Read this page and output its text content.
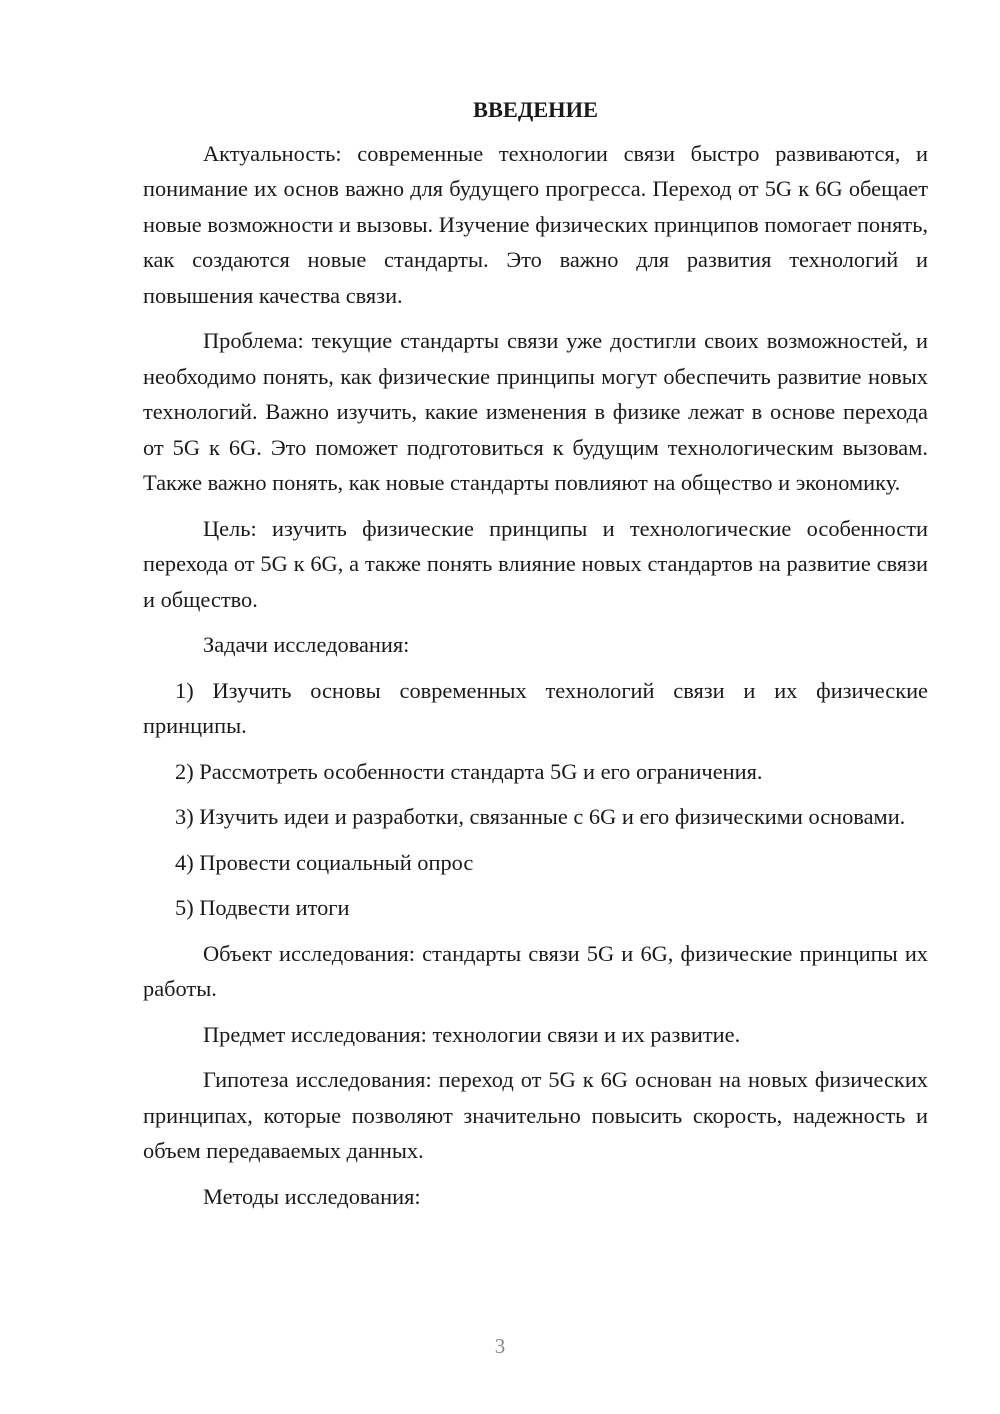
ВВЕДЕНИЕ

Актуальность: современные технологии связи быстро развиваются, и понимание их основ важно для будущего прогресса. Переход от 5G к 6G обещает новые возможности и вызовы. Изучение физических принципов помогает понять, как создаются новые стандарты. Это важно для развития технологий и повышения качества связи.

Проблема: текущие стандарты связи уже достигли своих возможностей, и необходимо понять, как физические принципы могут обеспечить развитие новых технологий. Важно изучить, какие изменения в физике лежат в основе перехода от 5G к 6G. Это поможет подготовиться к будущим технологическим вызовам. Также важно понять, как новые стандарты повлияют на общество и экономику.

Цель: изучить физические принципы и технологические особенности перехода от 5G к 6G, а также понять влияние новых стандартов на развитие связи и общество.

Задачи исследования:

1) Изучить основы современных технологий связи и их физические принципы.

2) Рассмотреть особенности стандарта 5G и его ограничения.

3) Изучить идеи и разработки, связанные с 6G и его физическими основами.

4) Провести социальный опрос

5) Подвести итоги

Объект исследования: стандарты связи 5G и 6G, физические принципы их работы.

Предмет исследования: технологии связи и их развитие.

Гипотеза исследования: переход от 5G к 6G основан на новых физических принципах, которые позволяют значительно повысить скорость, надежность и объем передаваемых данных.

Методы исследования:

3
